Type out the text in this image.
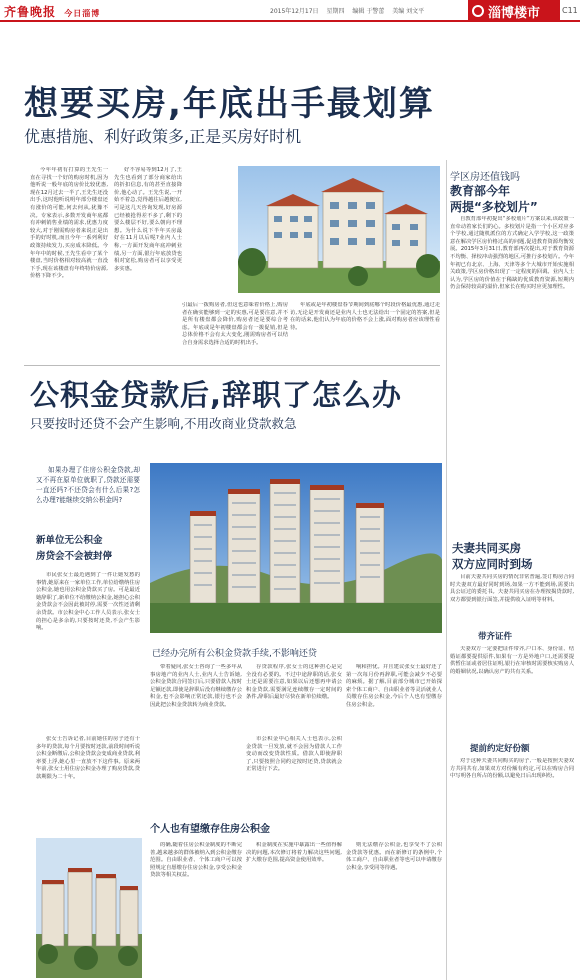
齐鲁晚报 今日淄博	2015年12月17日 星期四 编辑 于警蕾 美编 刘文平	淄博楼市	C11
想要买房,年底出手最划算
优惠措施、利好政策多,正是买房好时机
今年年初有打算的王先生一直在寻找一个好的购房时机,因为他听说一般年底的房价比较优惠,现在12月过去一半了,王先生还没出手,这时他听说明年部分楼盘还有涨价的可能,何去何从,犹豫不决。专家表示,多数开发商年底都有冲刺销售业绩的需求,优惠力度较大,对于刚需购房者来说正是出手的好时机,而且今年一系列利好政策持续发力,买房成本降低。今年年中的时候,王先生看中了某个楼盘,当时价格相对较高就一直没下手,现在该楼盘有年终特价房源,价格下降不少。
好不容易等到12月了,王先生也看到了部分商家给出的折扣信息,有的甚至直接降价,他心动了。王先生说,一开始不着急,觉得越往后越便宜,可是这几天咨询发现,好房源已经被抢得差不多了,剩下的要么楼层不好,要么朝向不理想。为什么说下半年买房最好在11月以后呢?业内人士称,一方面开发商年底冲刺业绩,另一方面,银行年底放贷也相对宽松,购房者可以享受更多实惠。
引最后一拨购房者,但这也意味着价格上,购房者在确实能够到一定的实惠,可是要注意,并不是所有楼盘都会降价,购房者还是要综合考虑。年底或是年初楼盘都会有一拨促销,但是总体价格不会有太大变化,刚需购房者可以结合自身需求选择合适的时机出手。
年底或是年初楼盘春节期间到底哪个时段价格最优惠,通过走访,无论是开发商还是业内人士也无法给出一个固定的答案,但是在的话来,他们认为年底的价格不会上涨,面对购房者应该理性看待。
学区房还值钱吗
教育部今年
两提“多校划片”
自教育部年初提出“多校划片”方案以来,该政策一直牵动着家长们的心。多校划片是指一个小区对应多个学校,通过随机派位的方式确定入学学校,这一政策意在解决学区房价格过高的问题,促进教育资源均衡发展。2015年3月31日,教育部再次提出,对于教育资源不均衡、择校冲动强烈的地区,可推行多校划片。今年年初已有北京、上海、天津等多个大城市开始实施相关政策,学区房价格出现了一定程度的回调。业内人士认为,学区房的价值在于稀缺的优质教育资源,短期内仍会保持较高的溢价,但家长在购买时应更加理性。
公积金贷款后,辞职了怎么办
只要按时还贷不会产生影响,不用改商业贷款救急
如果办理了住房公积金贷款,却又不再在原单位就职了,贷款还需要一直还吗?不还贷会有什么后果?怎么办理?能继续交纳公积金吗?
新单位无公积金
房贷会不会被封停
市民张女士最近遇到了一件让她发愁的事情,她原来在一家单位工作,单位给缴纳住房公积金,她也用公积金贷款买了房。可是最近她辞职了,新单位不给缴纳公积金,她担心公积金贷款会不会因此被封停,需要一次性还清剩余贷款。市公积金中心工作人员表示,张女士的担心是多余的,只要按时还贷,不会产生影响。
张女士告诉记者,目前她住的房子还有十多年的贷款,每个月要按时还款,前段时间听说公积金断缴后,公积金贷款会变成商业贷款,利率要上浮,她心里一直放不下这件事。原来两年前,张女士用住房公积金办理了购房贷款,贷款期限为二十年。
已经办完所有公积金贷款手续,不影响还贷
带着疑问,张女士咨询了一些多年从事房地产的业内人士,业内人士告诉她,公积金贷款合同签订后,只要借款人按时足额还款,即使是辞职后没有继续缴存公积金,也不会影响正常还款,银行也不会因此把公积金贷款转为商业贷款。
存贷款程序,张女士的这种担心是完全没有必要的。不过中途辞职的话,张女士还是需要注意,如果以后还想再申请公积金贷款,需要满足连续缴存一定时间的条件,辞职后最好尽快在新单位续缴。
市公积金中心相关人士也表示,公积金贷款一旦发放,就不会因为借款人工作变动而改变贷款性质。借款人即使辞职了,只要按照合同约定按时还贷,贷款就会正常进行下去。
响和担忧。并且建议张女士最好还了第一次每月份再辞职,可能会减少不必要的麻烦。据了解,目前部分城市已开始探索个体工商户、自由职业者等灵活就业人员缴存住房公积金,今后个人也有望缴存住房公积金。
个人也有望缴存住房公积金
的确,随着住房公积金制度的不断完善,越来越多的群体被纳入到公积金缴存范围。自由职业者、个体工商户可以按照规定自愿缴存住房公积金,享受公积金贷款等相关权益。
积金制度在实施中暴露出一些值得解决的问题,本次修订将着力解决这些问题,扩大缴存范围,提高资金使用效率。
则无法缴存公积金,也享受不了公积金贷款等优惠。而在新修订的条例中,个体工商户、自由职业者等也可以申请缴存公积金,享受同等待遇。
夫妻共同买房
双方应同时到场
目前夫妻共同买房的情况非常普遍,签订购房合同时夫妻双方最好同时到场,如果一方不能到场,需要出具公证过的委托书。夫妻共同买房在办理按揭贷款时,双方都要到银行面签,并提供收入证明等材料。
带齐证件
夫妻双方一定要把证件带齐,户口本、身份证、结婚证都要提供原件,如果有一方是外地户口,还需要提供暂住证或者居住证明,银行在审核时需要核实购房人的婚姻状况,以确认房产的共有关系。
提前约定好份额
对于这种夫妻共同购买的房子,一般是按照夫妻双方共同共有,如果双方对份额有约定,可以在购房合同中写明各自所占的份额,以避免日后出现纠纷。
